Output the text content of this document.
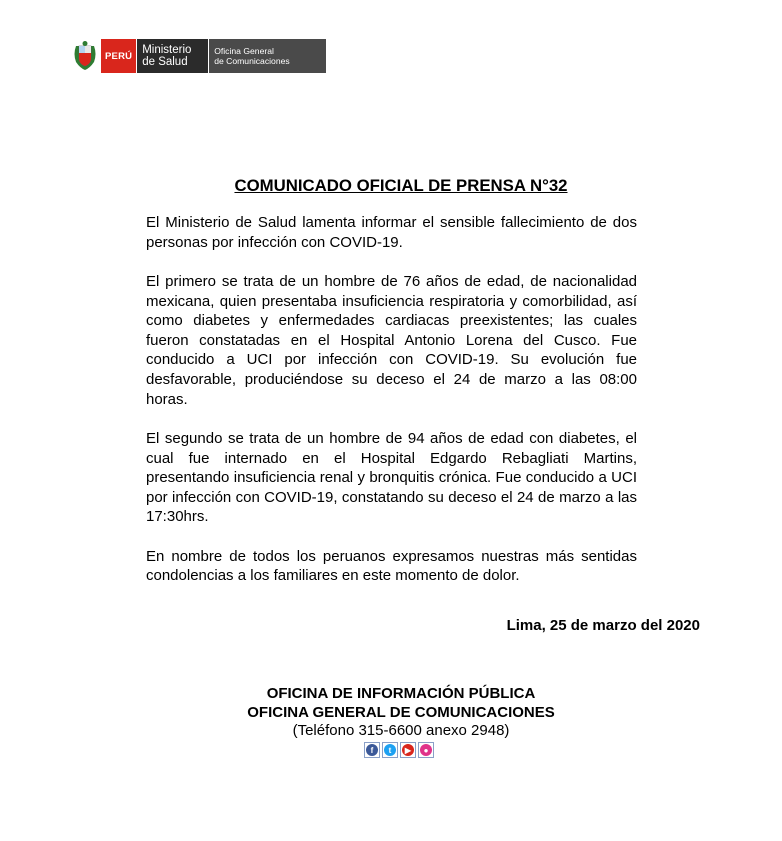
PERÚ Ministerio
de Salud
Oficina General
de Comunicaciones
COMUNICADO OFICIAL DE PRENSA N°32

El Ministerio de Salud lamenta informar el sensible fallecimiento de dos personas por infección con COVID-19.

El primero se trata de un hombre de 76 años de edad, de nacionalidad mexicana, quien presentaba insuficiencia respiratoria y comorbilidad, así como diabetes y enfermedades cardiacas preexistentes; las cuales fueron constatadas en el Hospital Antonio Lorena del Cusco. Fue conducido a UCI por infección con COVID-19. Su evolución fue desfavorable, produciéndose su deceso el 24 de marzo a las 08:00 horas.

El segundo se trata de un hombre de 94 años de edad con diabetes, el cual fue internado en el Hospital Edgardo Rebagliati Martins, presentando insuficiencia renal y bronquitis crónica. Fue conducido a UCI por infección con COVID-19, constatando su deceso el 24 de marzo a las 17:30hrs.

En nombre de todos los peruanos expresamos nuestras más sentidas condolencias a los familiares en este momento de dolor.

Lima, 25 de marzo del 2020

OFICINA DE INFORMACIÓN PÚBLICA
OFICINA GENERAL DE COMUNICACIONES
(Teléfono 315-6600 anexo 2948)
f	t	▶	●
